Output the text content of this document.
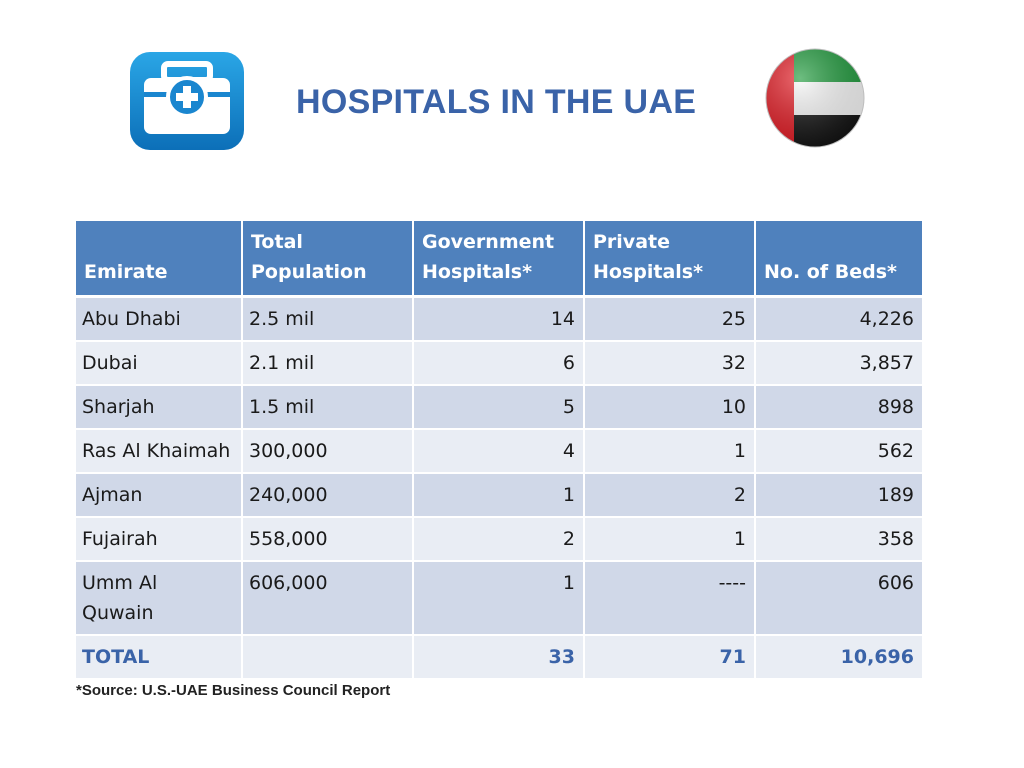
HOSPITALS IN THE UAE
Emirate	Total Population	Government Hospitals*	Private Hospitals*	No. of Beds*
Abu Dhabi	2.5 mil	14	25	4,226
Dubai	2.1 mil	6	32	3,857
Sharjah	1.5 mil	5	10	898
Ras Al Khaimah	300,000	4	1	562
Ajman	240,000	1	2	189
Fujairah	558,000	2	1	358
Umm Al Quwain	606,000	1	----	606
TOTAL		33	71	10,696
*Source: U.S.-UAE Business Council Report
